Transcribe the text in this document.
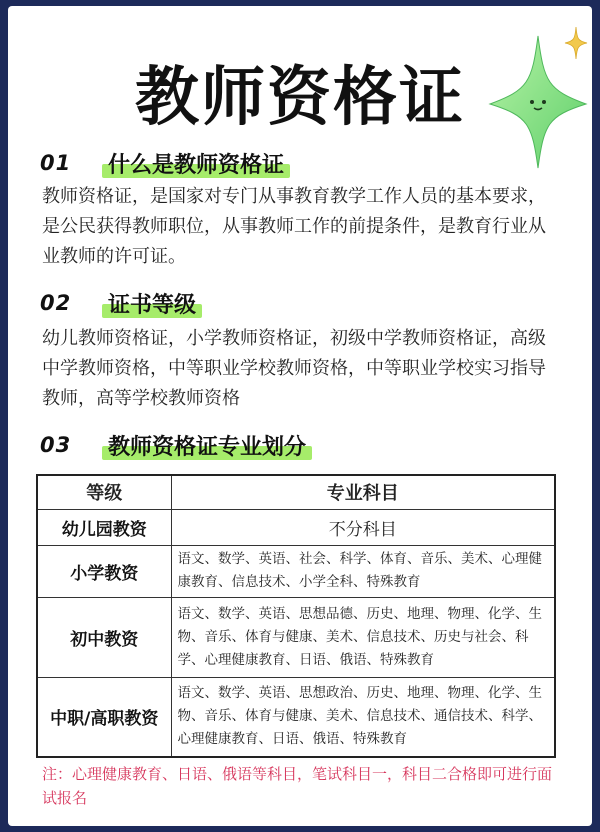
教师资格证
01	什么是教师资格证
教师资格证，是国家对专门从事教育教学工作人员的基本要求，是公民获得教师职位，从事教师工作的前提条件，是教育行业从业教师的许可证。
02	证书等级
幼儿教师资格证，小学教师资格证，初级中学教师资格证，高级中学教师资格，中等职业学校教师资格，中等职业学校实习指导教师，高等学校教师资格
03	教师资格证专业划分
等级	专业科目
幼儿园教资	不分科目
小学教资	语文、数学、英语、社会、科学、体育、音乐、美术、心理健康教育、信息技术、小学全科、特殊教育
初中教资	语文、数学、英语、思想品德、历史、地理、物理、化学、生物、音乐、体育与健康、美术、信息技术、历史与社会、科学、心理健康教育、日语、俄语、特殊教育
中职/高职教资	语文、数学、英语、思想政治、历史、地理、物理、化学、生物、音乐、体育与健康、美术、信息技术、通信技术、科学、心理健康教育、日语、俄语、特殊教育
注：心理健康教育、日语、俄语等科目，笔试科目一，科目二合格即可进行面试报名
